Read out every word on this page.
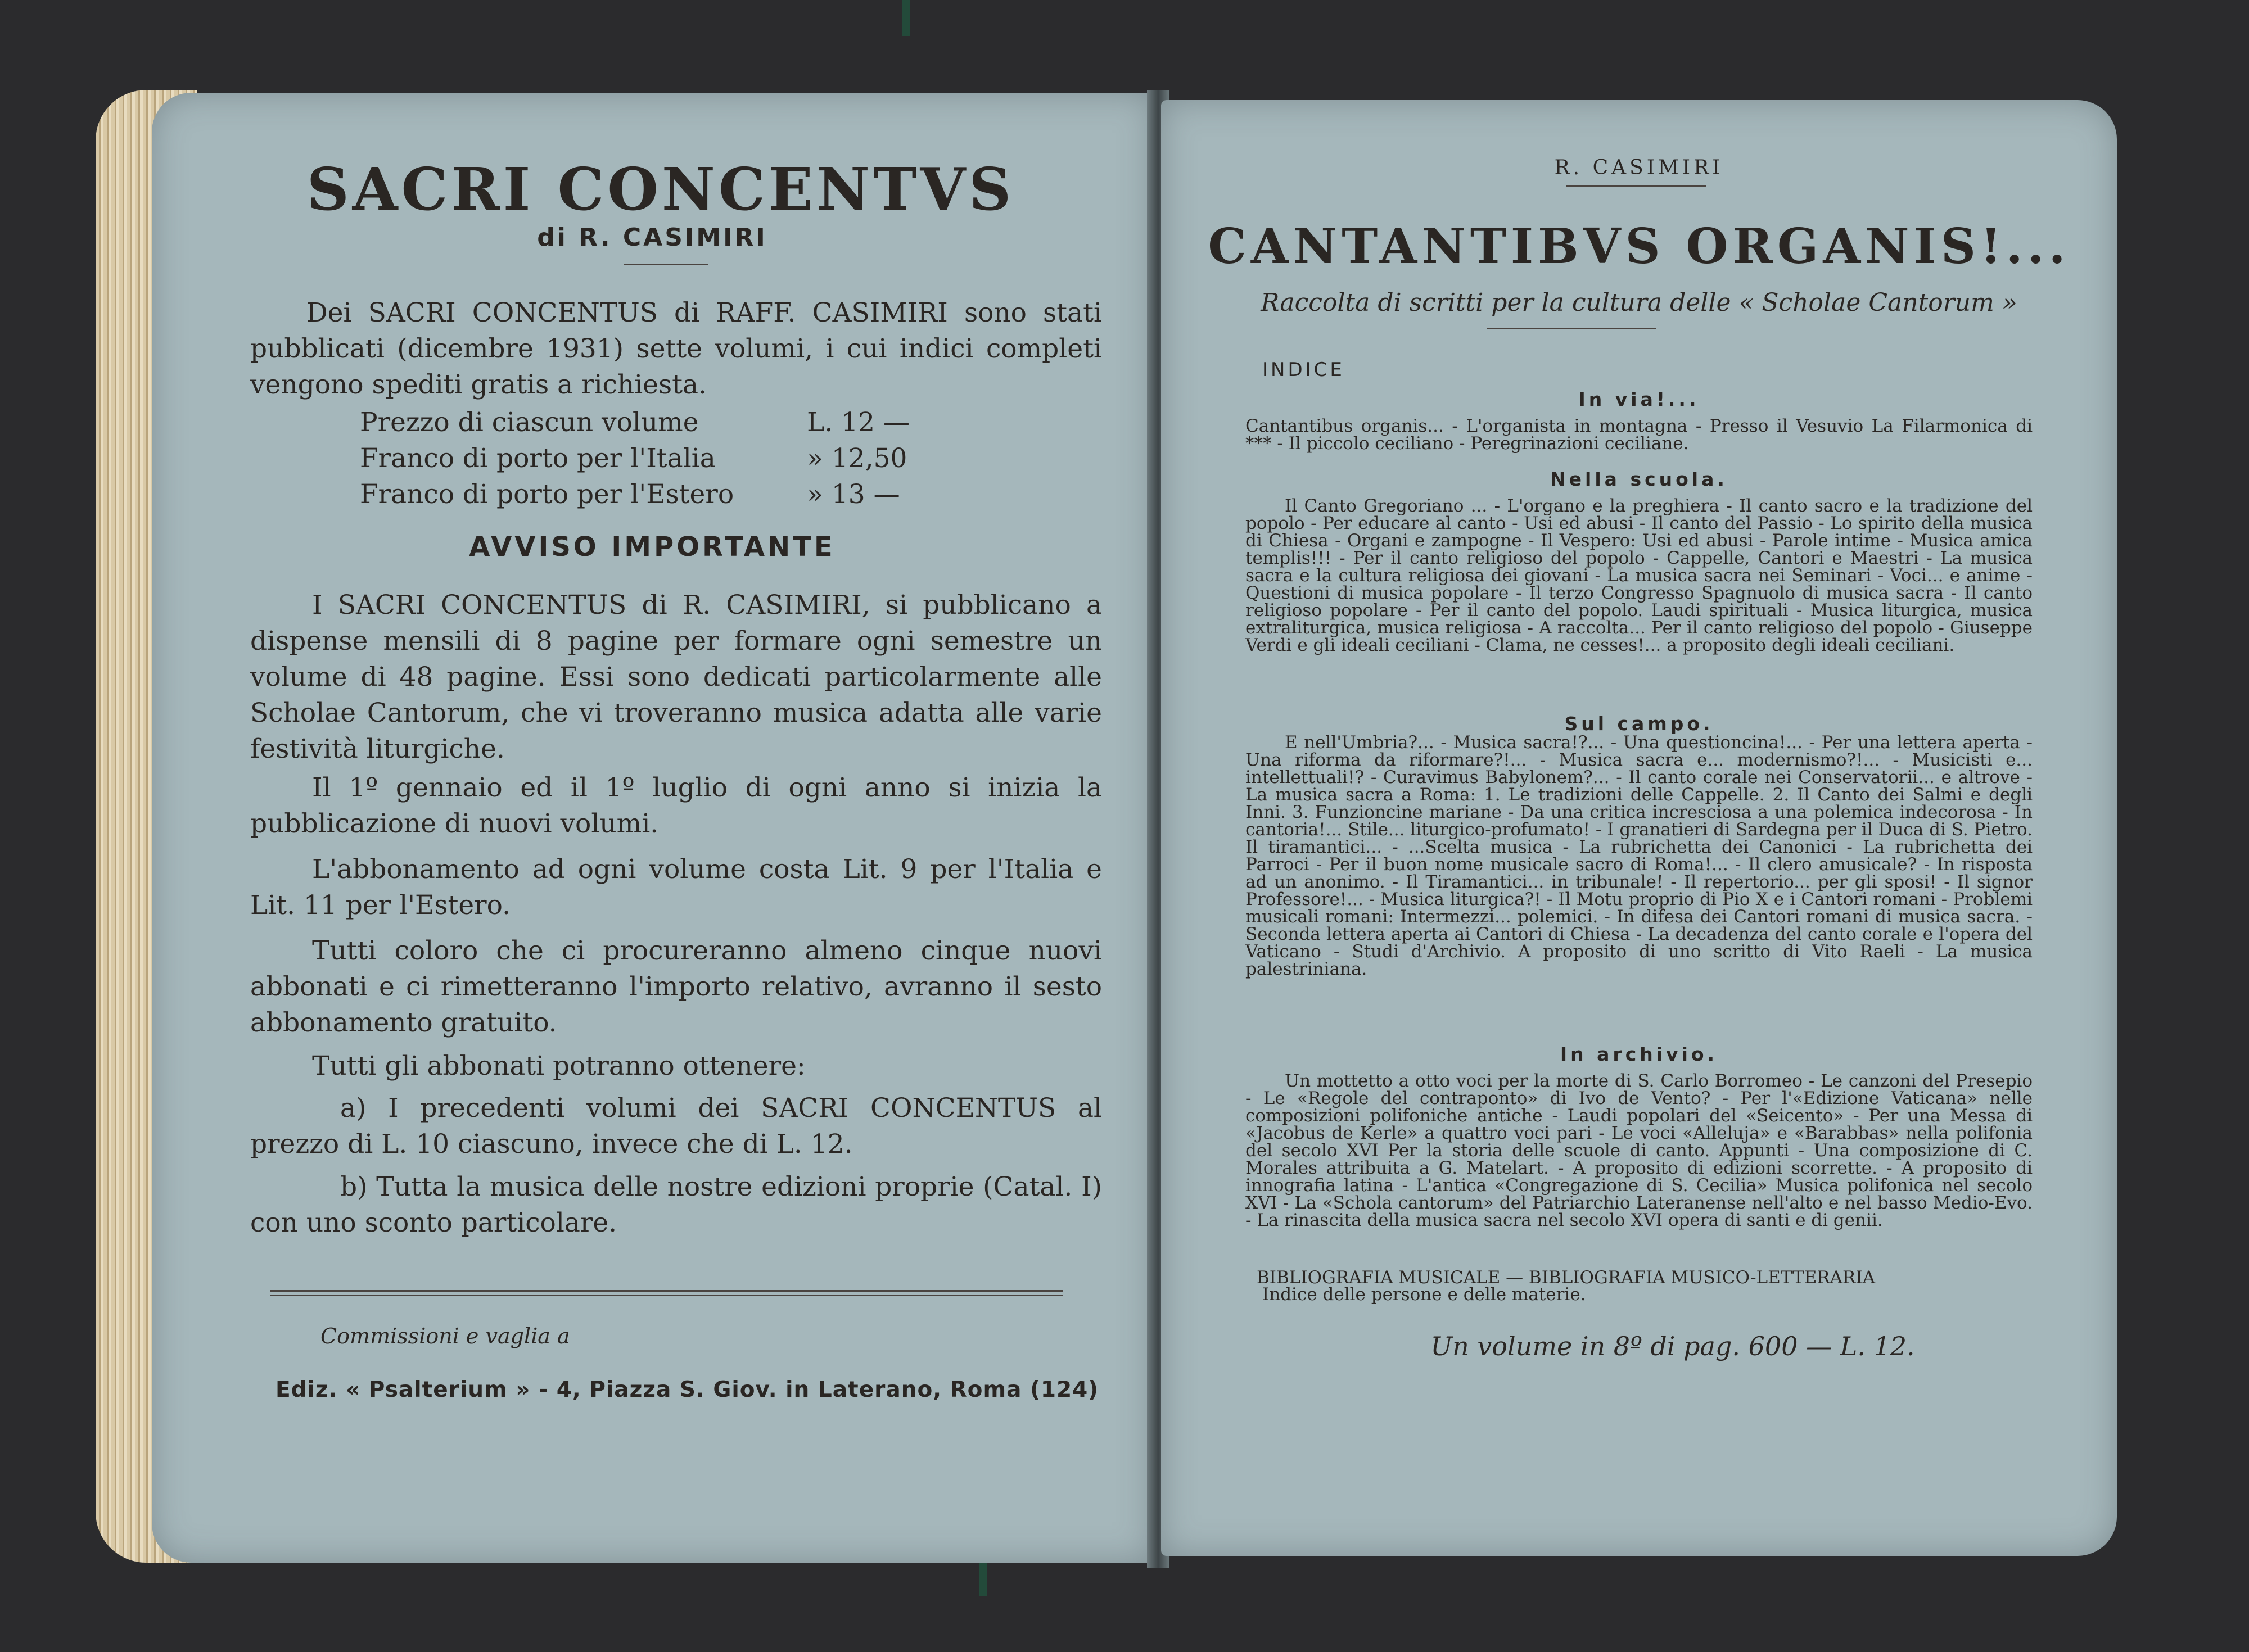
SACRI CONCENTVS
di R. CASIMIRI
Dei SACRI CONCENTUS di RAFF. CASIMIRI sono stati pubblicati (dicembre 1931) sette volumi, i cui indici completi vengono spediti gratis a richiesta.
Prezzo di ciascun volume	L. 12 —
Franco di porto per l'Italia	» 12,50
Franco di porto per l'Estero	» 13 —
AVVISO IMPORTANTE
I SACRI CONCENTUS di R. CASIMIRI, si pubblicano a dispense mensili di 8 pagine per formare ogni semestre un volume di 48 pagine. Essi sono dedicati particolarmente alle Scholae Cantorum, che vi troveranno musica adatta alle varie festività liturgiche.
Il 1º gennaio ed il 1º luglio di ogni anno si inizia la pubblicazione di nuovi volumi.
L'abbonamento ad ogni volume costa Lit. 9 per l'Italia e Lit. 11 per l'Estero.
Tutti coloro che ci procureranno almeno cinque nuovi abbonati e ci rimetteranno l'importo relativo, avranno il sesto abbonamento gratuito.
Tutti gli abbonati potranno ottenere:
a) I precedenti volumi dei SACRI CONCENTUS al prezzo di L. 10 ciascuno, invece che di L. 12.
b) Tutta la musica delle nostre edizioni proprie (Catal. I) con uno sconto particolare.
Commissioni e vaglia a
Ediz. « Psalterium » - 4, Piazza S. Giov. in Laterano, Roma (124)
R. CASIMIRI
CANTANTIBVS ORGANIS!...
Raccolta di scritti per la cultura delle « Scholae Cantorum »
INDICE
In via!...
Cantantibus organis... - L'organista in montagna - Presso il Vesuvio La Filarmonica di *** - Il piccolo ceciliano - Peregrinazioni ceciliane.
Nella scuola.
Il Canto Gregoriano ... - L'organo e la preghiera - Il canto sacro e la tradizione del popolo - Per educare al canto - Usi ed abusi - Il canto del Passio - Lo spirito della musica di Chiesa - Organi e zampogne - Il Vespero: Usi ed abusi - Parole intime - Musica amica templis!!! - Per il canto religioso del popolo - Cappelle, Cantori e Maestri - La musica sacra e la cultura religiosa dei giovani - La musica sacra nei Seminari - Voci... e anime - Questioni di musica popolare - Il terzo Congresso Spagnuolo di musica sacra - Il canto religioso popolare - Per il canto del popolo. Laudi spirituali - Musica liturgica, musica extraliturgica, musica religiosa - A raccolta... Per il canto religioso del popolo - Giuseppe Verdi e gli ideali ceciliani - Clama, ne cesses!... a proposito degli ideali ceciliani.
Sul campo.
E nell'Umbria?... - Musica sacra!?... - Una questioncina!... - Per una lettera aperta - Una riforma da riformare?!... - Musica sacra e... modernismo?!... - Musicisti e... intellettuali!? - Curavimus Babylonem?... - Il canto corale nei Conservatorii... e altrove - La musica sacra a Roma: 1. Le tradizioni delle Cappelle. 2. Il Canto dei Salmi e degli Inni. 3. Funzioncine mariane - Da una critica incresciosa a una polemica indecorosa - In cantoria!... Stile... liturgico-profumato! - I granatieri di Sardegna per il Duca di S. Pietro. Il tiramantici... - ...Scelta musica - La rubrichetta dei Canonici - La rubrichetta dei Parroci - Per il buon nome musicale sacro di Roma!... - Il clero amusicale? - In risposta ad un anonimo. - Il Tiramantici... in tribunale! - Il repertorio... per gli sposi! - Il signor Professore!... - Musica liturgica?! - Il Motu proprio di Pio X e i Cantori romani - Problemi musicali romani: Intermezzi... polemici. - In difesa dei Cantori romani di musica sacra. - Seconda lettera aperta ai Cantori di Chiesa - La decadenza del canto corale e l'opera del Vaticano - Studi d'Archivio. A proposito di uno scritto di Vito Raeli - La musica palestriniana.
In archivio.
Un mottetto a otto voci per la morte di S. Carlo Borromeo - Le canzoni del Presepio - Le «Regole del contraponto» di Ivo de Vento? - Per l'«Edizione Vaticana» nelle composizioni polifoniche antiche - Laudi popolari del «Seicento» - Per una Messa di «Jacobus de Kerle» a quattro voci pari - Le voci «Alleluja» e «Barabbas» nella polifonia del secolo XVI Per la storia delle scuole di canto. Appunti - Una composizione di C. Morales attribuita a G. Matelart. - A proposito di edizioni scorrette. - A proposito di innografia latina - L'antica «Congregazione di S. Cecilia» Musica polifonica nel secolo XVI - La «Schola cantorum» del Patriarchio Lateranense nell'alto e nel basso Medio-Evo. - La rinascita della musica sacra nel secolo XVI opera di santi e di genii.
BIBLIOGRAFIA MUSICALE — BIBLIOGRAFIA MUSICO-LETTERARIA
Indice delle persone e delle materie.
Un volume in 8º di pag. 600 — L. 12.
